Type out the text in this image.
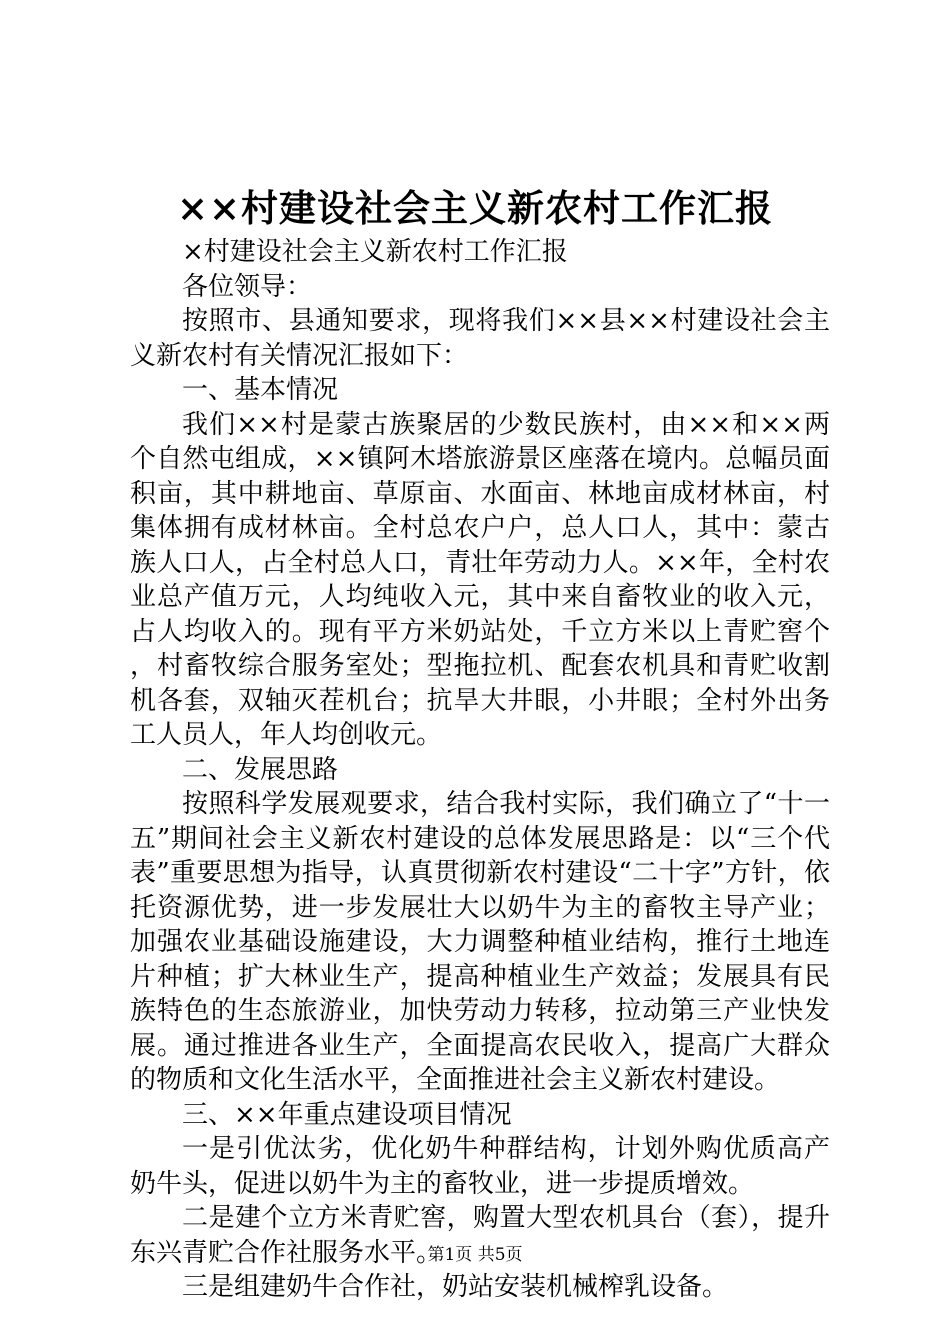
××村建设社会主义新农村工作汇报

×村建设社会主义新农村工作汇报

各位领导：

按照市、县通知要求，现将我们××县××村建设社会主义新农村有关情况汇报如下：

一、基本情况

我们××村是蒙古族聚居的少数民族村，由××和××两个自然屯组成，××镇阿木塔旅游景区座落在境内。总幅员面积亩，其中耕地亩、草原亩、水面亩、林地亩成材林亩，村集体拥有成材林亩。全村总农户户，总人口人，其中：蒙古族人口人，占全村总人口，青壮年劳动力人。××年，全村农业总产值万元，人均纯收入元，其中来自畜牧业的收入元，占人均收入的。现有平方米奶站处，千立方米以上青贮窖个，村畜牧综合服务室处；型拖拉机、配套农机具和青贮收割机各套，双轴灭茬机台；抗旱大井眼，小井眼；全村外出务工人员人，年人均创收元。

二、发展思路

按照科学发展观要求，结合我村实际，我们确立了“十一五”期间社会主义新农村建设的总体发展思路是：以“三个代表”重要思想为指导，认真贯彻新农村建设“二十字”方针，依托资源优势，进一步发展壮大以奶牛为主的畜牧主导产业；加强农业基础设施建设，大力调整种植业结构，推行土地连片种植；扩大林业生产，提高种植业生产效益；发展具有民族特色的生态旅游业，加快劳动力转移，拉动第三产业快发展。通过推进各业生产，全面提高农民收入，提高广大群众的物质和文化生活水平，全面推进社会主义新农村建设。

三、××年重点建设项目情况

一是引优汰劣，优化奶牛种群结构，计划外购优质高产奶牛头，促进以奶牛为主的畜牧业，进一步提质增效。

二是建个立方米青贮窖，购置大型农机具台（套），提升东兴青贮合作社服务水平。

三是组建奶牛合作社，奶站安装机械榨乳设备。

第1页 共5页
